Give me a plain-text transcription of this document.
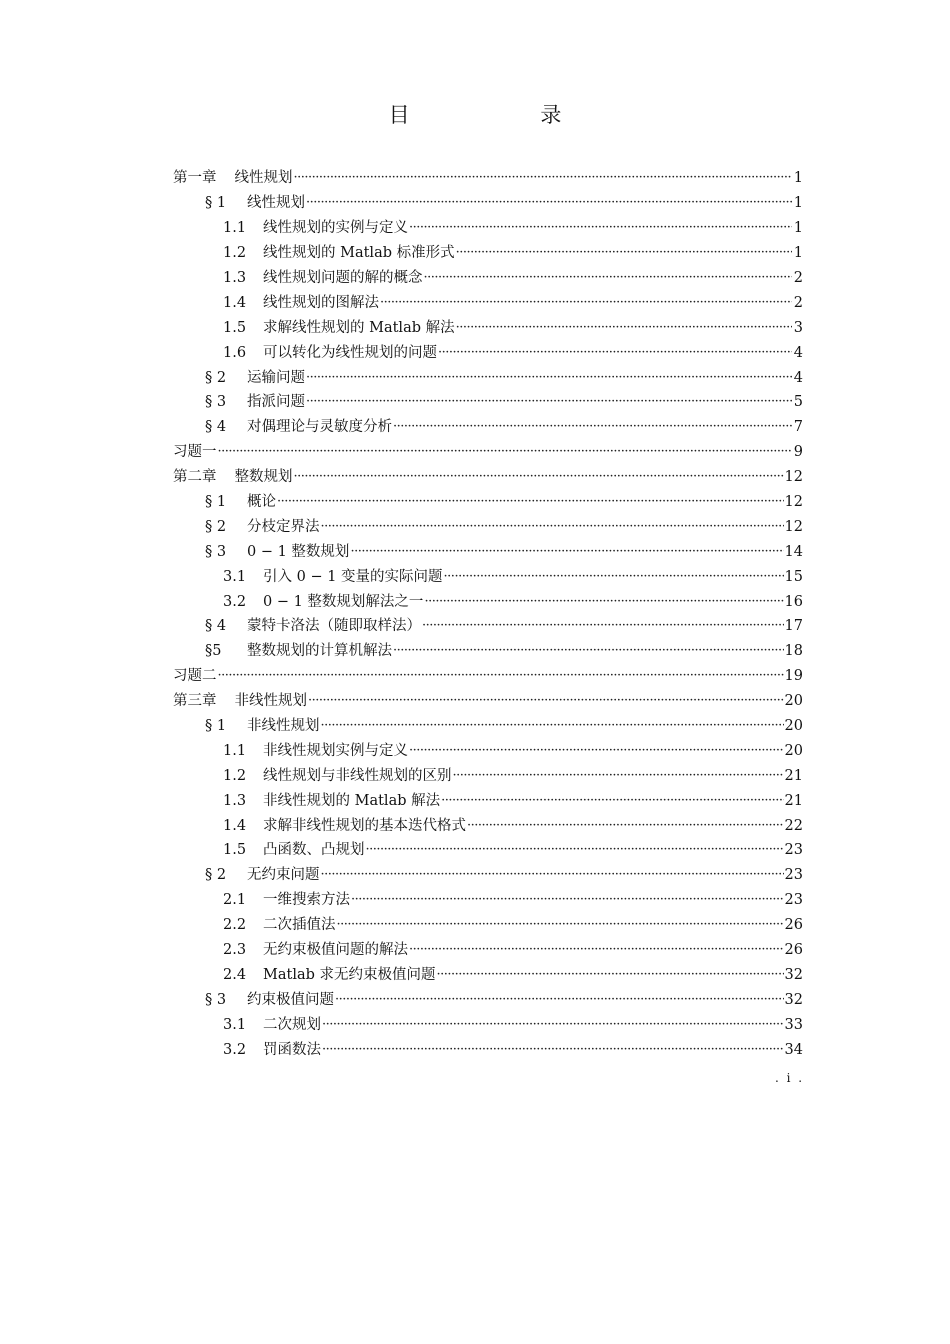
目 录
第一章 线性规划 ·····	1
§ 1	线性规划 ·····	1
1.1	线性规划的实例与定义 ·····	1
1.2	线性规划的 Matlab 标准形式 ·····	1
1.3	线性规划问题的解的概念 ·····	2
1.4	线性规划的图解法 ·····	2
1.5	求解线性规划的 Matlab 解法 ·····	3
1.6	可以转化为线性规划的问题 ·····	4
§ 2	运输问题 ·····	4
§ 3	指派问题 ·····	5
§ 4	对偶理论与灵敏度分析 ·····	7
习题一 ·····	9
第二章 整数规划 ·····	12
§ 1	概论 ·····	12
§ 2	分枝定界法 ·····	12
§ 3	0 − 1 整数规划 ·····	14
3.1	引入 0 − 1 变量的实际问题 ·····	15
3.2	0 − 1 整数规划解法之一 ·····	16
§ 4	蒙特卡洛法（随即取样法） ·····	17
§5	整数规划的计算机解法 ·····	18
习题二 ·····	19
第三章 非线性规划 ·····	20
§ 1	非线性规划 ·····	20
1.1	非线性规划实例与定义 ·····	20
1.2	线性规划与非线性规划的区别 ·····	21
1.3	非线性规划的 Matlab 解法 ·····	21
1.4	求解非线性规划的基本迭代格式 ·····	22
1.5	凸函数、凸规划 ·····	23
§ 2	无约束问题 ·····	23
2.1	一维搜索方法 ·····	23
2.2	二次插值法 ·····	26
2.3	无约束极值问题的解法 ·····	26
2.4	Matlab 求无约束极值问题 ·····	32
§ 3	约束极值问题 ·····	32
3.1	二次规划 ·····	33
3.2	罚函数法 ·····	34
. i .
